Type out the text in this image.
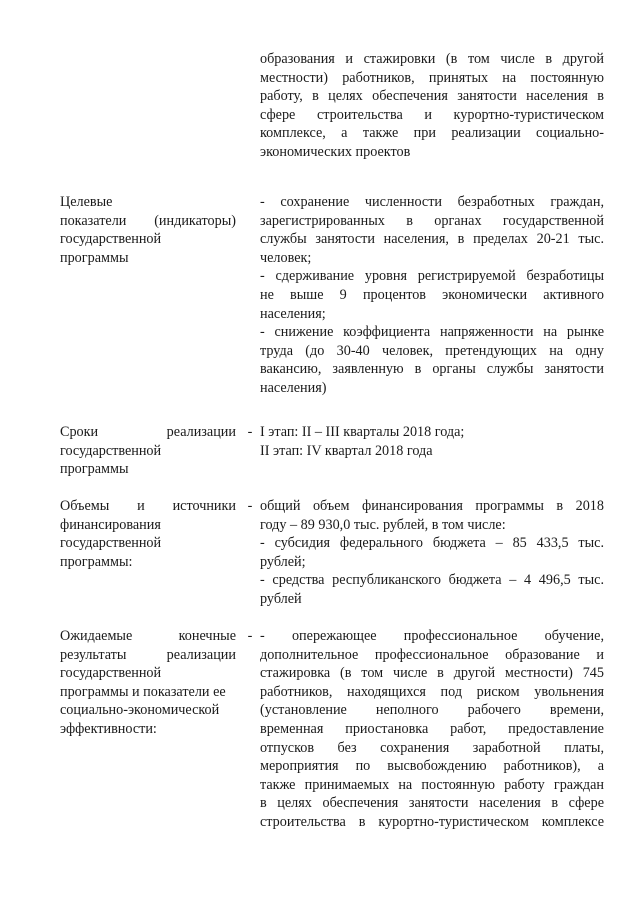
образования и стажировки (в том числе в другой
местности) работников, принятых на постоянную
работу, в целях обеспечения занятости населения в
сфере строительства и курортно-туристическом
комплексе, а также при реализации социально-
экономических проектов
Целевые
показатели (индикаторы)
государственной
программы
- сохранение численности безработных граждан,
зарегистрированных в органах государственной
службы занятости населения, в пределах 20-21 тыс.
человек;
- сдерживание уровня регистрируемой безработицы
не выше 9 процентов экономически активного
населения;
- снижение коэффициента напряженности на рынке
труда (до 30-40 человек, претендующих на одну
вакансию, заявленную в органы службы занятости
населения)
Сроки реализации
государственной
программы
- I этап: II – III кварталы 2018 года;
II этап: IV квартал 2018 года
Объемы и источники
финансирования
государственной
программы:
- общий объем финансирования программы в 2018
году – 89 930,0 тыс. рублей, в том числе:
- субсидия федерального бюджета – 85 433,5 тыс.
рублей;
- средства республиканского бюджета – 4 496,5 тыс.
рублей
Ожидаемые конечные
результаты реализации
государственной
программы и показатели ее
социально-экономической
эффективности:
- - опережающее профессиональное обучение,
дополнительное профессиональное образование и
стажировка (в том числе в другой местности) 745
работников, находящихся под риском увольнения
(установление неполного рабочего времени,
временная приостановка работ, предоставление
отпусков без сохранения заработной платы,
мероприятия по высвобождению работников), а
также принимаемых на постоянную работу граждан
в целях обеспечения занятости населения в сфере
строительства в курортно-туристическом комплексе
